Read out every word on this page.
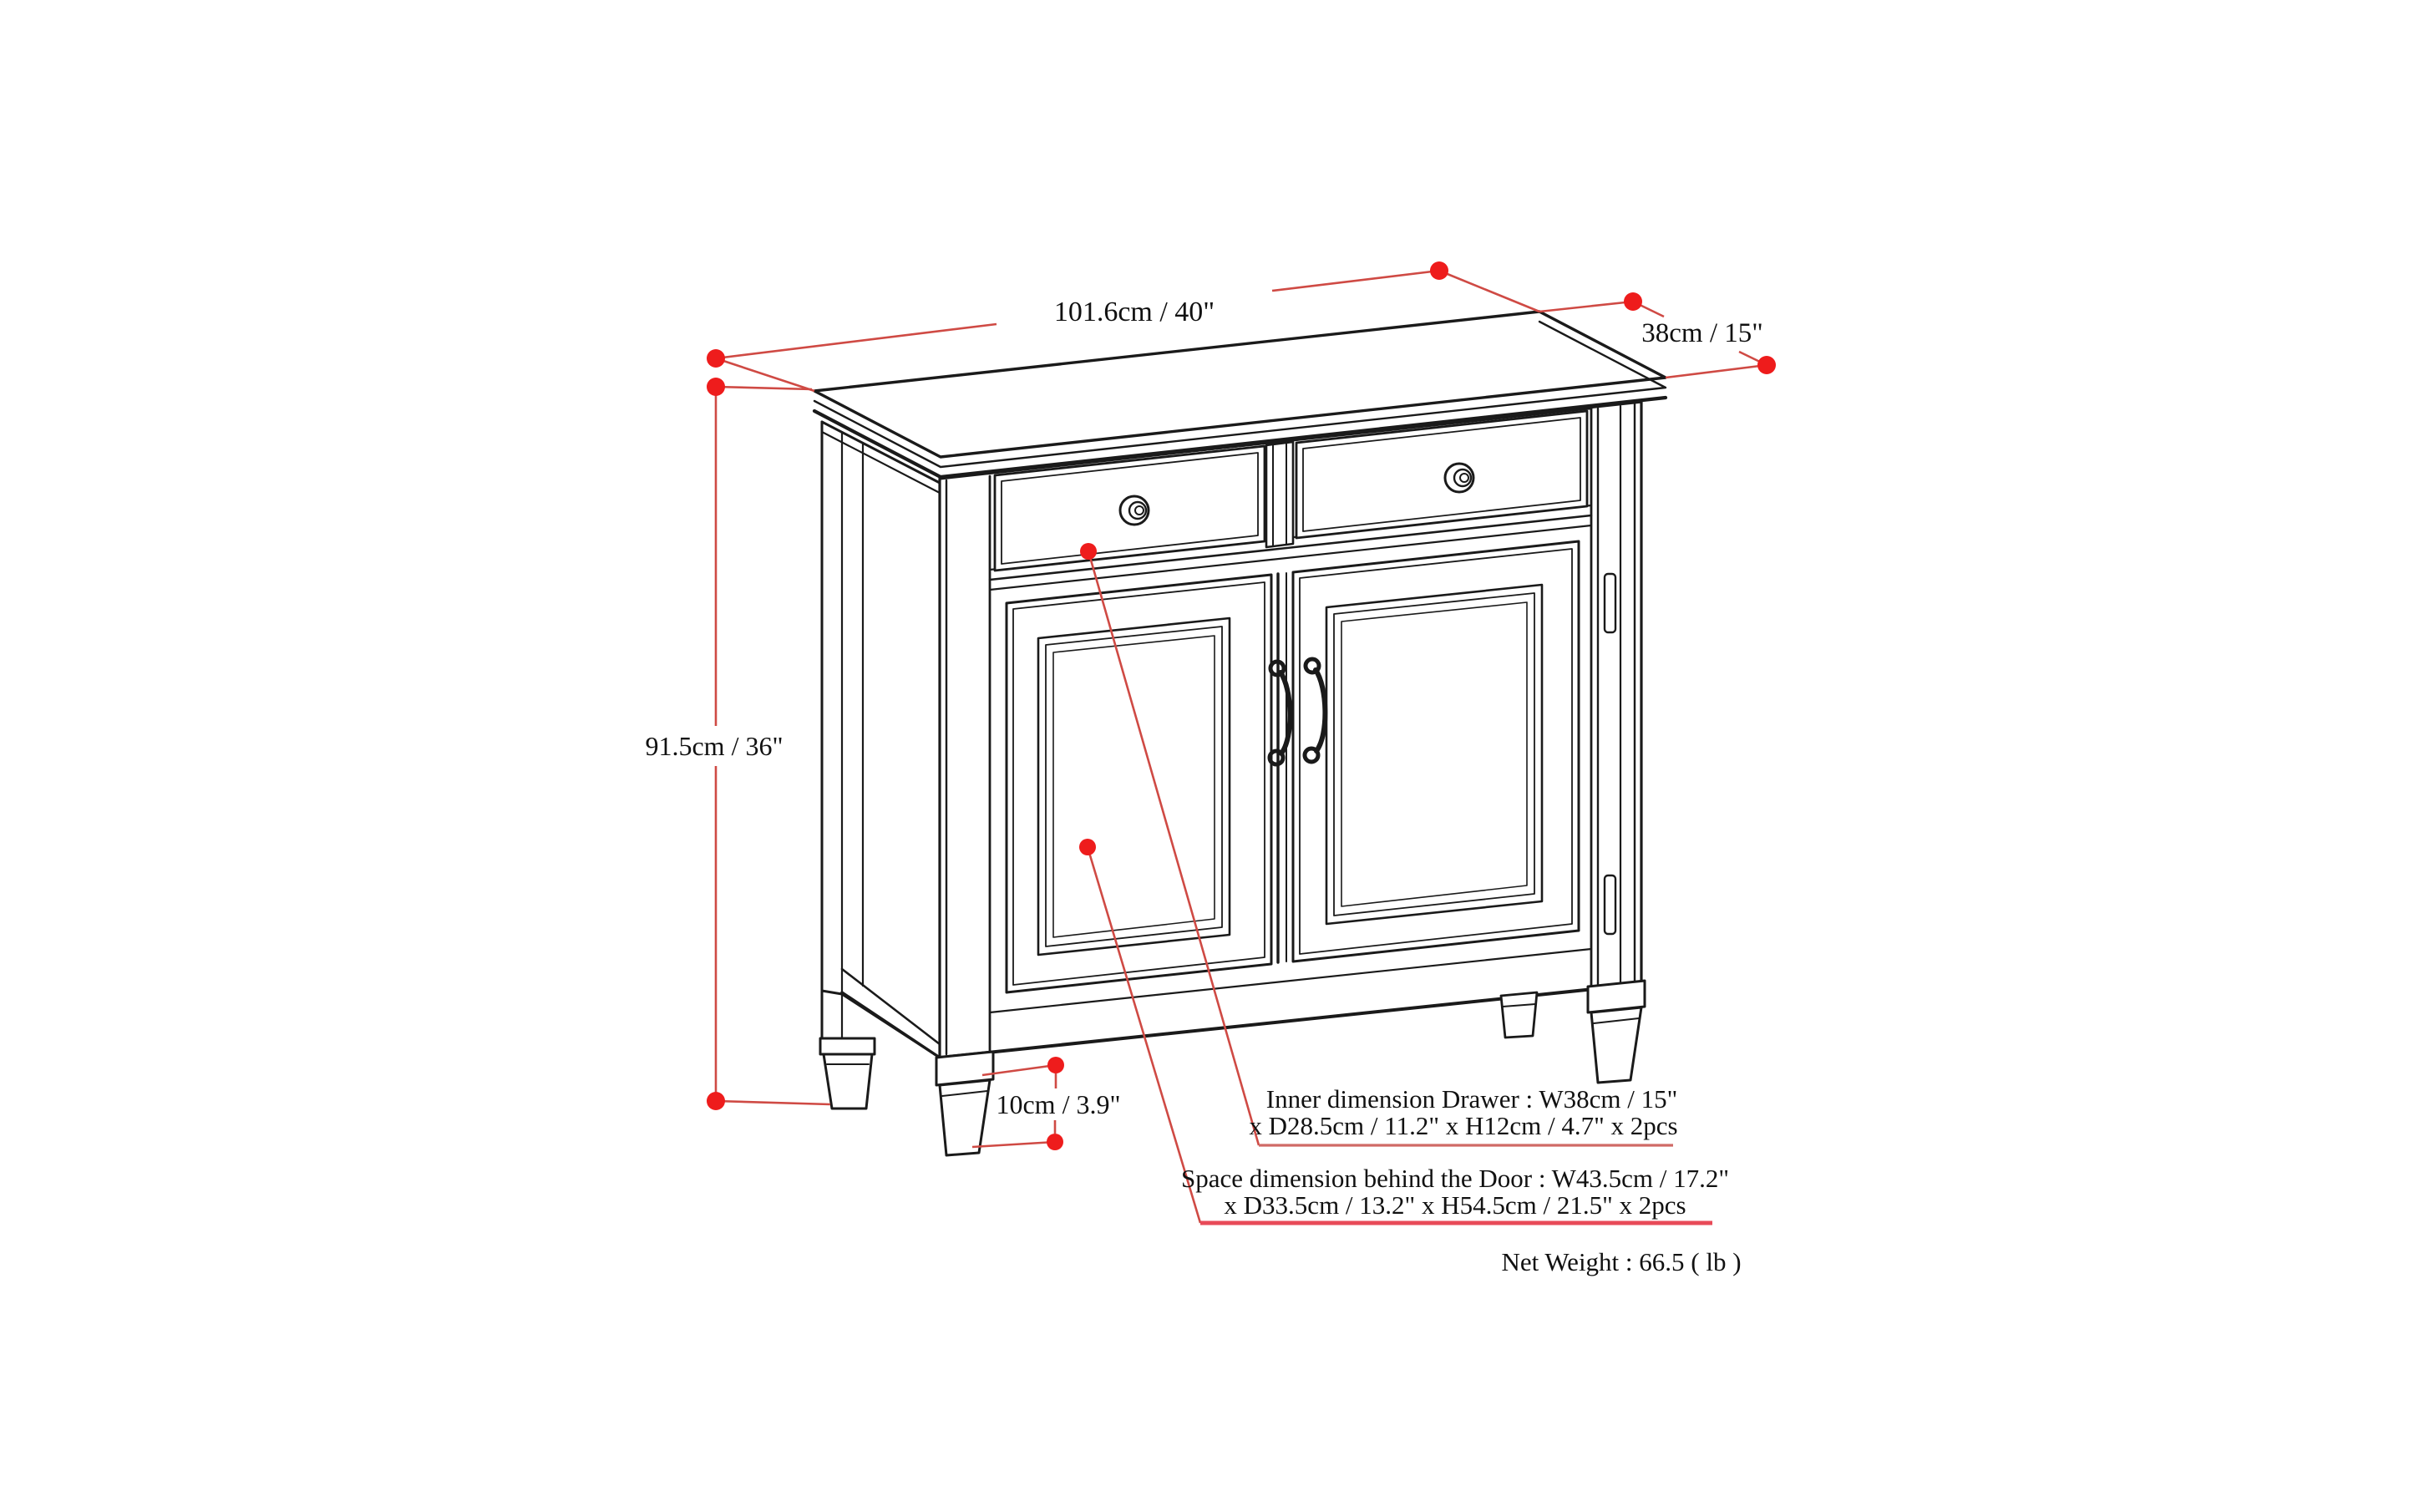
101.6cm / 40"
38cm / 15"
91.5cm / 36"
10cm / 3.9"	Inner dimension Drawer : W38cm / 15"
x D28.5cm / 11.2" x H12cm / 4.7" x 2pcs
Space dimension behind the Door : W43.5cm / 17.2"
x D33.5cm / 13.2" x H54.5cm / 21.5" x 2pcs
Net Weight : 66.5 ( lb )
